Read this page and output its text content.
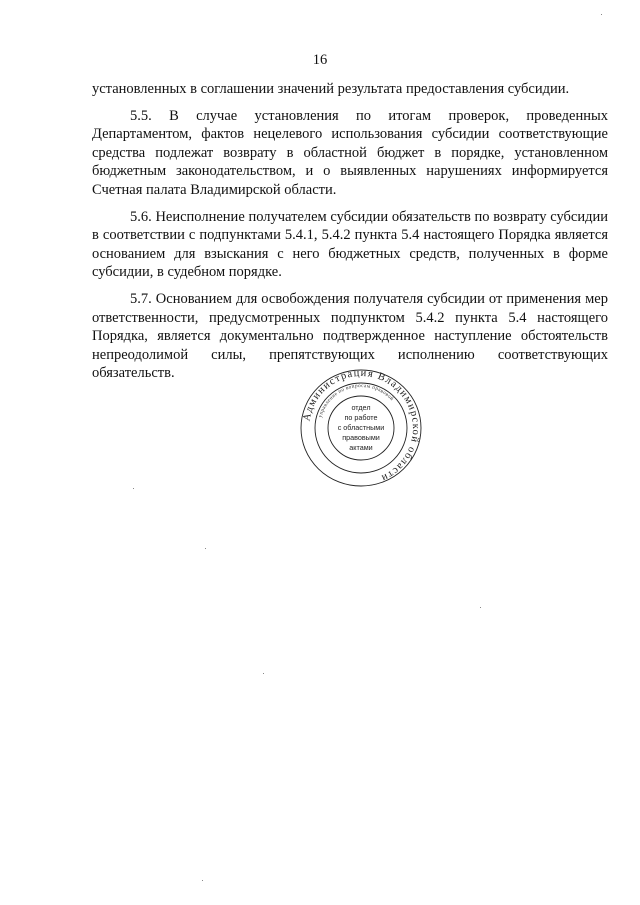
16

установленных в соглашении значений результата предоставления субсидии.

5.5. В случае установления по итогам проверок, проведенных Департаментом, фактов нецелевого использования субсидии соответствующие средства подлежат возврату в областной бюджет в порядке, установленном бюджетным законодательством, и о выявленных нарушениях информируется Счетная палата Владимирской области.

5.6. Неисполнение получателем субсидии обязательств по возврату субсидии в соответствии с подпунктами 5.4.1, 5.4.2 пункта 5.4 настоящего Порядка является основанием для взыскания с него бюджетных средств, полученных в форме субсидии, в судебном порядке.

5.7. Основанием для освобождения получателя субсидии от применения мер ответственности, предусмотренных подпунктом 5.4.2 пункта 5.4 настоящего Порядка, является документально подтвержденное наступление обстоятельств непреодолимой силы, препятствующих исполнению соответствующих обязательств.

Администрация Владимирской области
управление по вопросам правовой
отдел
по работе
с областными
правовыми
актами
